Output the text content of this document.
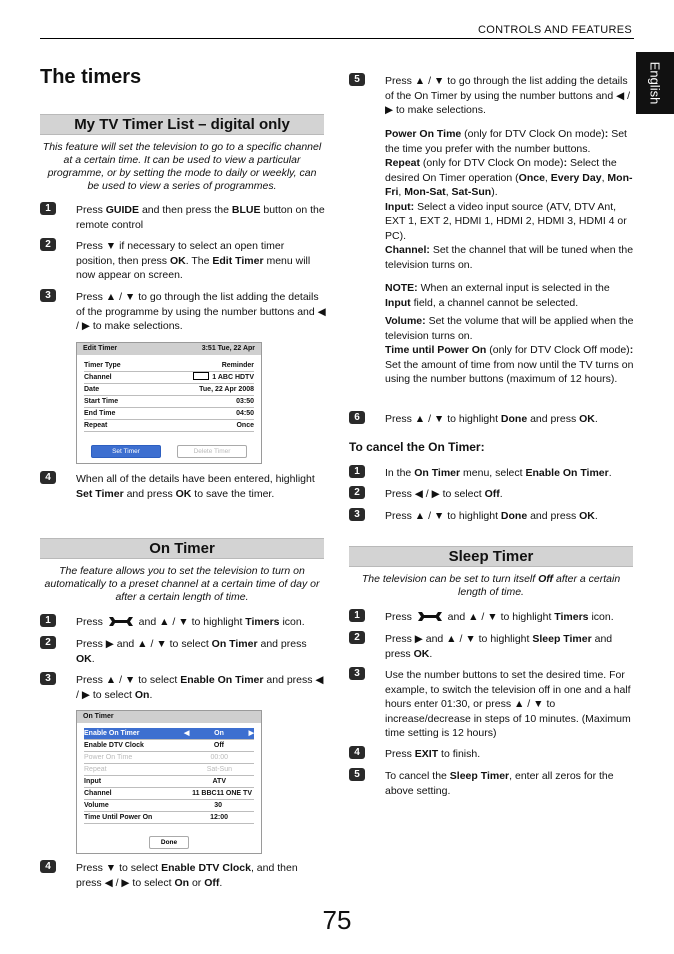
CONTROLS AND FEATURES
English
The timers
My TV Timer List – digital only
This feature will set the television to go to a specific channel at a certain time. It can be used to view a particular programme, or by setting the mode to daily or weekly, can be used to view a series of programmes.
1	Press GUIDE and then press the BLUE button on the remote control
2	Press ▼ if necessary to select an open timer position, then press OK. The Edit Timer menu will now appear on screen.
3	Press ▲ / ▼ to go through the list adding the details of the programme by using the number buttons and ◀ / ▶ to make selections.
Edit Timer	3:51 Tue, 22 Apr
Timer Type	Reminder
Channel	1 ABC HDTV
Date	Tue, 22 Apr 2008
Start Time	03:50
End Time	04:50
Repeat	Once
Set Timer	Delete Timer
4	When all of the details have been entered, highlight Set Timer and press OK to save the timer.
On Timer
The feature allows you to set the television to turn on automatically to a preset channel at a certain time of day or after a certain length of time.
1	Press	and ▲ / ▼ to highlight Timers icon.
2	Press ▶ and ▲ / ▼ to select On Timer and press OK.
3	Press ▲ / ▼ to select Enable On Timer and press ◀ / ▶ to select On.
On Timer
Enable On Timer	◀	On	▶
Enable DTV Clock	Off
Power On Time	00:00
Repeat	Sat-Sun
Input	ATV
Channel	11 BBC11 ONE TV
Volume	30
Time Until Power On	12:00
Done
4	Press ▼ to select Enable DTV Clock, and then press ◀ / ▶ to select On or Off.
5	Press ▲ / ▼ to go through the list adding the details of the On Timer by using the number buttons and ◀ / ▶ to make selections.
Power On Time (only for DTV Clock On mode): Set the time you prefer with the number buttons.
Repeat (only for DTV Clock On mode): Select the desired On Timer operation (Once, Every Day, Mon-Fri, Mon-Sat, Sat-Sun).
Input: Select a video input source (ATV, DTV Ant, EXT 1, EXT 2, HDMI 1, HDMI 2, HDMI 3, HDMI 4 or PC).
Channel: Set the channel that will be tuned when the television turns on.
NOTE: When an external input is selected in the Input field, a channel cannot be selected.
Volume: Set the volume that will be applied when the television turns on.
Time until Power On (only for DTV Clock Off mode): Set the amount of time from now until the TV turns on using the number buttons (maximum of 12 hours).
6	Press ▲ / ▼ to highlight Done and press OK.
To cancel the On Timer:
1	In the On Timer menu, select Enable On Timer.
2	Press ◀ / ▶ to select Off.
3	Press ▲ / ▼ to highlight Done and press OK.
Sleep Timer
The television can be set to turn itself Off after a certain length of time.
1	Press	and ▲ / ▼ to highlight Timers icon.
2	Press ▶ and ▲ / ▼ to highlight Sleep Timer and press OK.
3	Use the number buttons to set the desired time. For example, to switch the television off in one and a half hours enter 01:30, or press ▲ / ▼ to increase/decrease in steps of 10 minutes. (Maximum time setting is 12 hours)
4	Press EXIT to finish.
5	To cancel the Sleep Timer, enter all zeros for the above setting.
75
